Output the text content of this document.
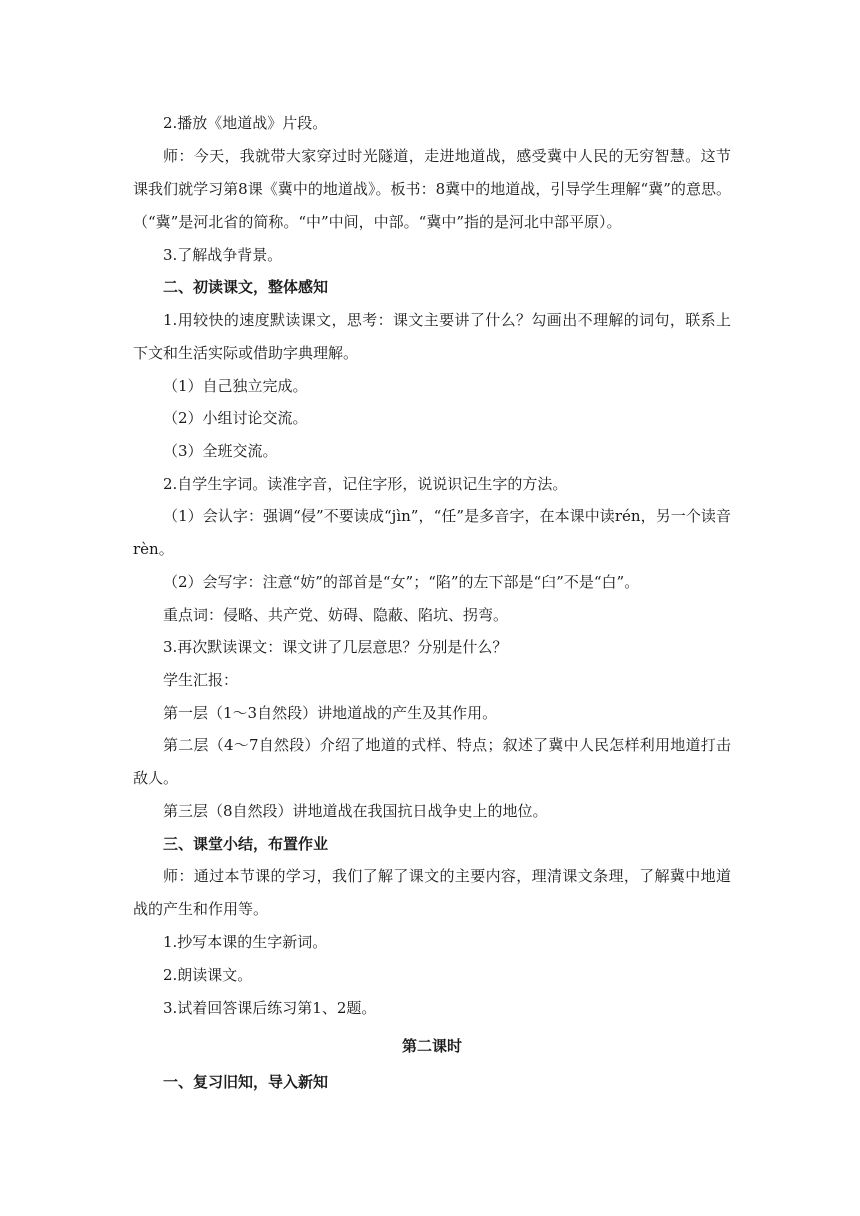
2.播放《地道战》片段。

师：今天，我就带大家穿过时光隧道，走进地道战，感受冀中人民的无穷智慧。这节课我们就学习第8课《冀中的地道战》。板书：8冀中的地道战，引导学生理解“冀”的意思。（“冀”是河北省的简称。“中”中间，中部。“冀中”指的是河北中部平原）。

3.了解战争背景。

二、初读课文，整体感知

1.用较快的速度默读课文，思考：课文主要讲了什么？勾画出不理解的词句，联系上下文和生活实际或借助字典理解。

（1）自己独立完成。

（2）小组讨论交流。

（3）全班交流。

2.自学生字词。读准字音，记住字形，说说识记生字的方法。

（1）会认字：强调“侵”不要读成“jìn”，“任”是多音字，在本课中读rén，另一个读音rèn。

（2）会写字：注意“妨”的部首是“女”；“陷”的左下部是“臼”不是“白”。

重点词：侵略、共产党、妨碍、隐蔽、陷坑、拐弯。

3.再次默读课文：课文讲了几层意思？分别是什么？

学生汇报：

第一层（1～3自然段）讲地道战的产生及其作用。

第二层（4～7自然段）介绍了地道的式样、特点；叙述了冀中人民怎样利用地道打击敌人。

第三层（8自然段）讲地道战在我国抗日战争史上的地位。

三、课堂小结，布置作业

师：通过本节课的学习，我们了解了课文的主要内容，理清课文条理，了解冀中地道战的产生和作用等。

1.抄写本课的生字新词。

2.朗读课文。

3.试着回答课后练习第1、2题。

第二课时

一、复习旧知，导入新知
